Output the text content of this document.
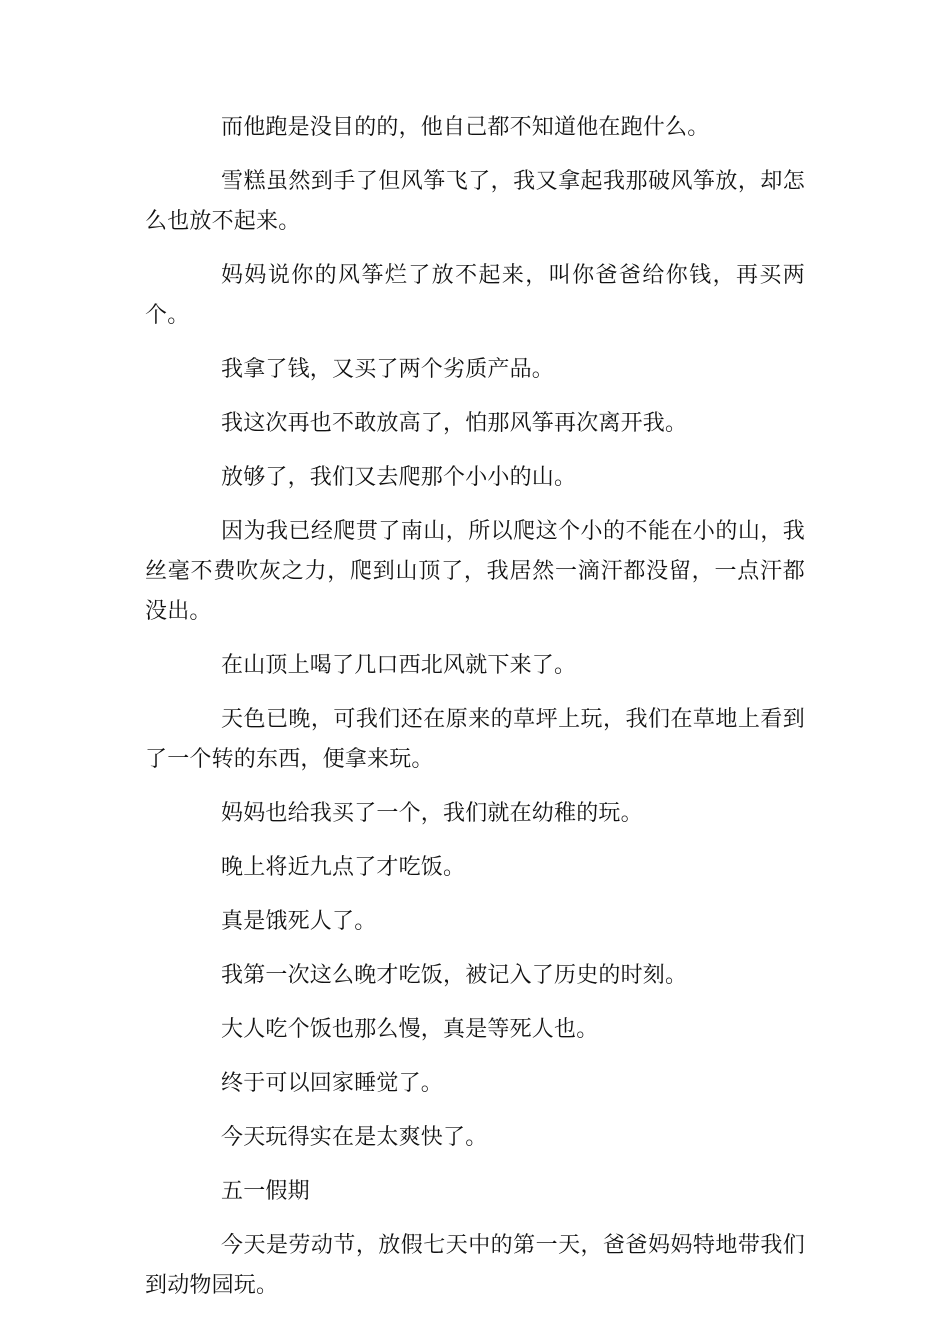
而他跑是没目的的，他自己都不知道他在跑什么。

雪糕虽然到手了但风筝飞了，我又拿起我那破风筝放，却怎么也放不起来。

妈妈说你的风筝烂了放不起来，叫你爸爸给你钱，再买两个。

我拿了钱，又买了两个劣质产品。

我这次再也不敢放高了，怕那风筝再次离开我。

放够了，我们又去爬那个小小的山。

因为我已经爬贯了南山，所以爬这个小的不能在小的山，我丝毫不费吹灰之力，爬到山顶了，我居然一滴汗都没留，一点汗都没出。

在山顶上喝了几口西北风就下来了。

天色已晚，可我们还在原来的草坪上玩，我们在草地上看到了一个转的东西，便拿来玩。

妈妈也给我买了一个，我们就在幼稚的玩。

晚上将近九点了才吃饭。

真是饿死人了。

我第一次这么晚才吃饭，被记入了历史的时刻。

大人吃个饭也那么慢，真是等死人也。

终于可以回家睡觉了。

今天玩得实在是太爽快了。

五一假期

今天是劳动节，放假七天中的第一天，爸爸妈妈特地带我们到动物园玩。
